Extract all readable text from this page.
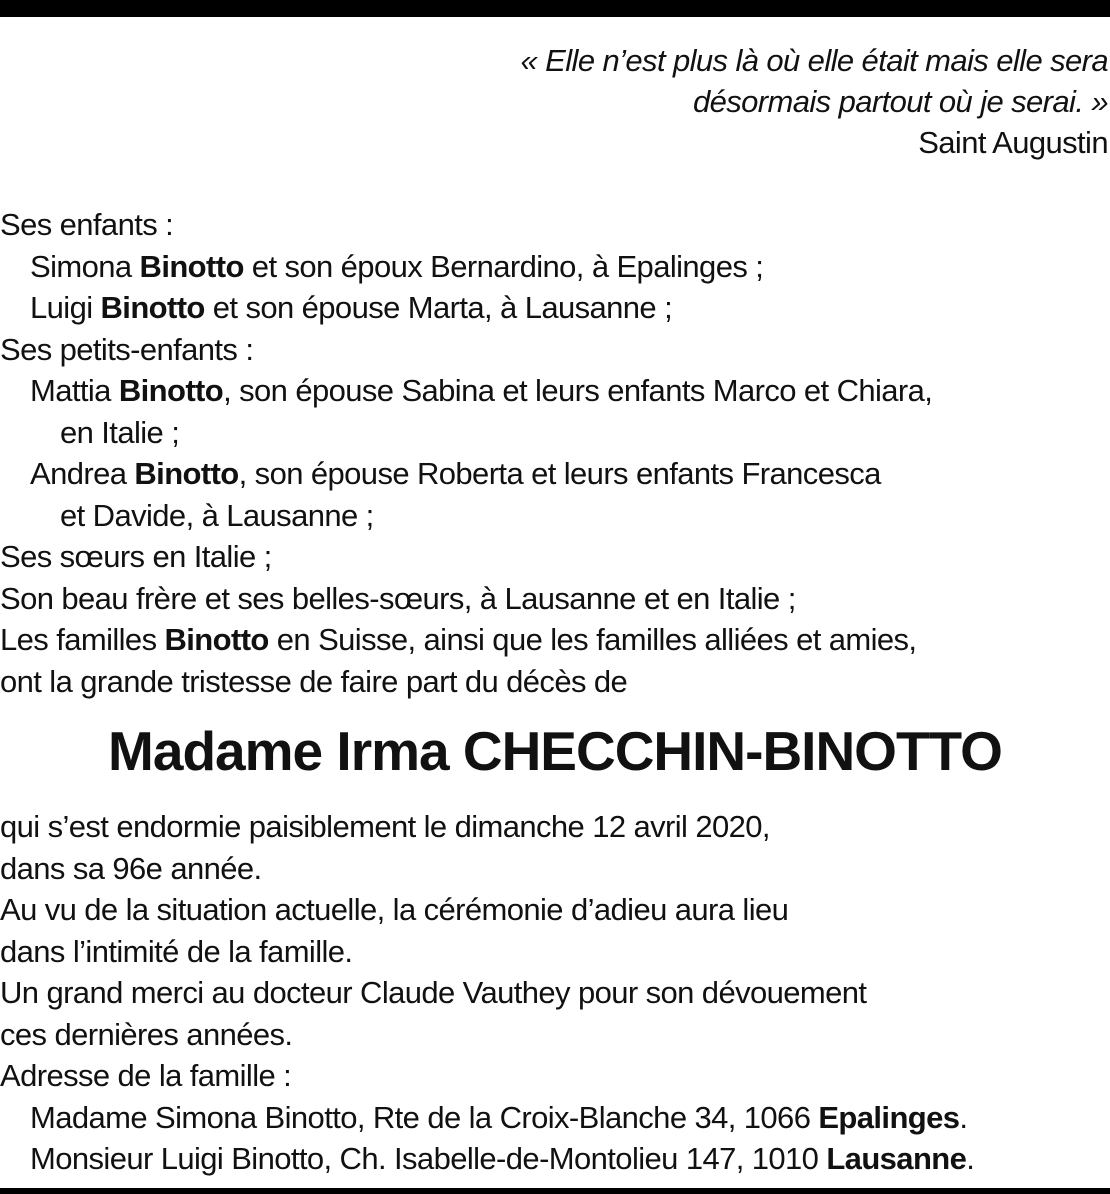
« Elle n’est plus là où elle était mais elle sera
désormais partout où je serai. »
Saint Augustin
Ses enfants :
Simona Binotto et son époux Bernardino, à Epalinges ;
Luigi Binotto et son épouse Marta, à Lausanne ;
Ses petits-enfants :
Mattia Binotto, son épouse Sabina et leurs enfants Marco et Chiara,
en Italie ;
Andrea Binotto, son épouse Roberta et leurs enfants Francesca
et Davide, à Lausanne ;
Ses sœurs en Italie ;
Son beau frère et ses belles-sœurs, à Lausanne et en Italie ;
Les familles Binotto en Suisse, ainsi que les familles alliées et amies,
ont la grande tristesse de faire part du décès de
Madame Irma CHECCHIN-BINOTTO
qui s’est endormie paisiblement le dimanche 12 avril 2020,
dans sa 96e année.
Au vu de la situation actuelle, la cérémonie d’adieu aura lieu
dans l’intimité de la famille.
Un grand merci au docteur Claude Vauthey pour son dévouement
ces dernières années.
Adresse de la famille :
Madame Simona Binotto, Rte de la Croix-Blanche 34, 1066 Epalinges.
Monsieur Luigi Binotto, Ch. Isabelle-de-Montolieu 147, 1010 Lausanne.
